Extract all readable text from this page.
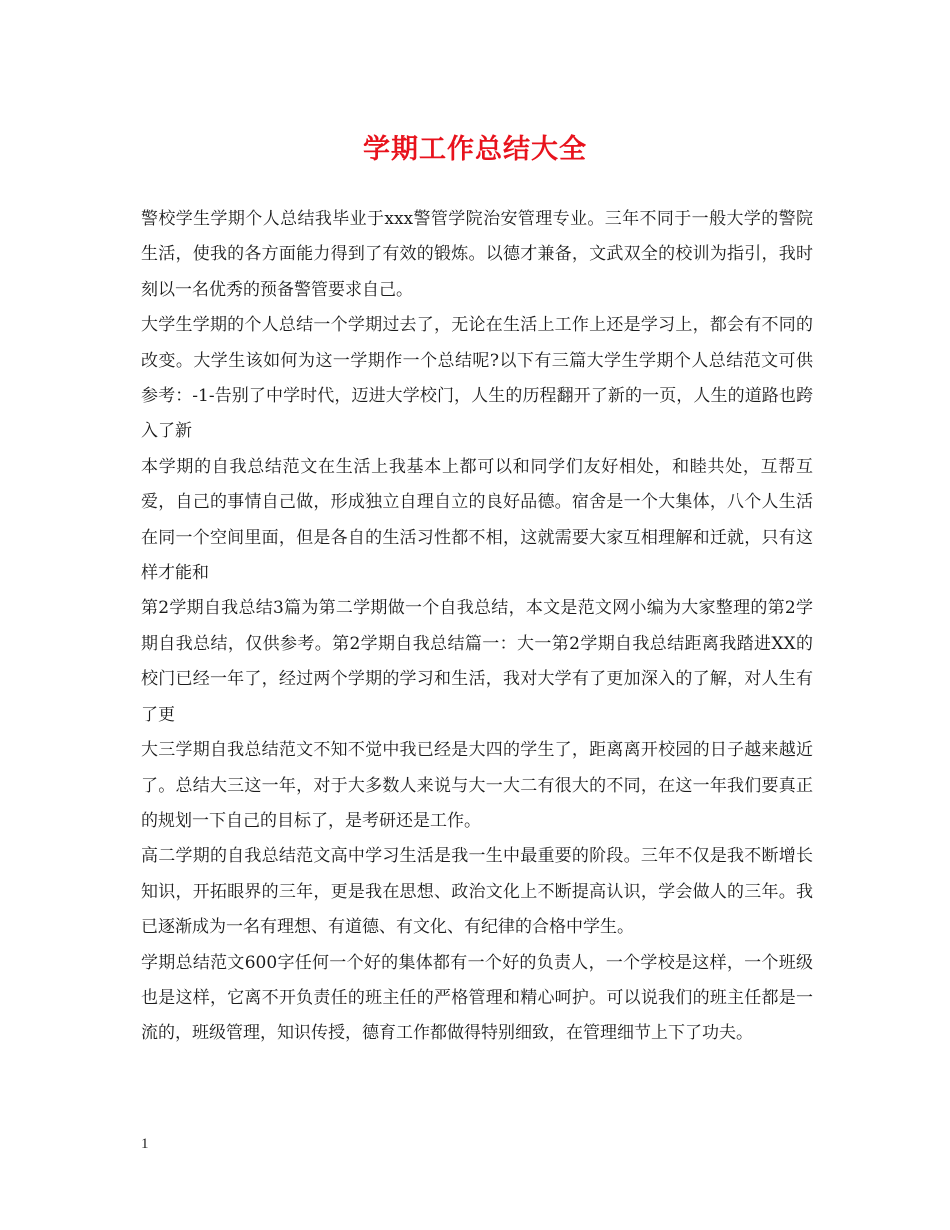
学期工作总结大全

警校学生学期个人总结我毕业于xxx警管学院治安管理专业。三年不同于一般大学的警院生活，使我的各方面能力得到了有效的锻炼。以德才兼备，文武双全的校训为指引，我时刻以一名优秀的预备警管要求自己。

大学生学期的个人总结一个学期过去了，无论在生活上工作上还是学习上，都会有不同的改变。大学生该如何为这一学期作一个总结呢?以下有三篇大学生学期个人总结范文可供参考：-1-告别了中学时代，迈进大学校门，人生的历程翻开了新的一页，人生的道路也跨入了新

本学期的自我总结范文在生活上我基本上都可以和同学们友好相处，和睦共处，互帮互爱，自己的事情自己做，形成独立自理自立的良好品德。宿舍是一个大集体，八个人生活在同一个空间里面，但是各自的生活习性都不相，这就需要大家互相理解和迁就，只有这样才能和

第2学期自我总结3篇为第二学期做一个自我总结，本文是范文网小编为大家整理的第2学期自我总结，仅供参考。第2学期自我总结篇一：大一第2学期自我总结距离我踏进XX的校门已经一年了，经过两个学期的学习和生活，我对大学有了更加深入的了解，对人生有了更

大三学期自我总结范文不知不觉中我已经是大四的学生了，距离离开校园的日子越来越近了。总结大三这一年，对于大多数人来说与大一大二有很大的不同，在这一年我们要真正的规划一下自己的目标了，是考研还是工作。

高二学期的自我总结范文高中学习生活是我一生中最重要的阶段。三年不仅是我不断增长知识，开拓眼界的三年，更是我在思想、政治文化上不断提高认识，学会做人的三年。我已逐渐成为一名有理想、有道德、有文化、有纪律的合格中学生。

学期总结范文600字任何一个好的集体都有一个好的负责人，一个学校是这样，一个班级也是这样，它离不开负责任的班主任的严格管理和精心呵护。可以说我们的班主任都是一流的，班级管理，知识传授，德育工作都做得特别细致，在管理细节上下了功夫。

1
